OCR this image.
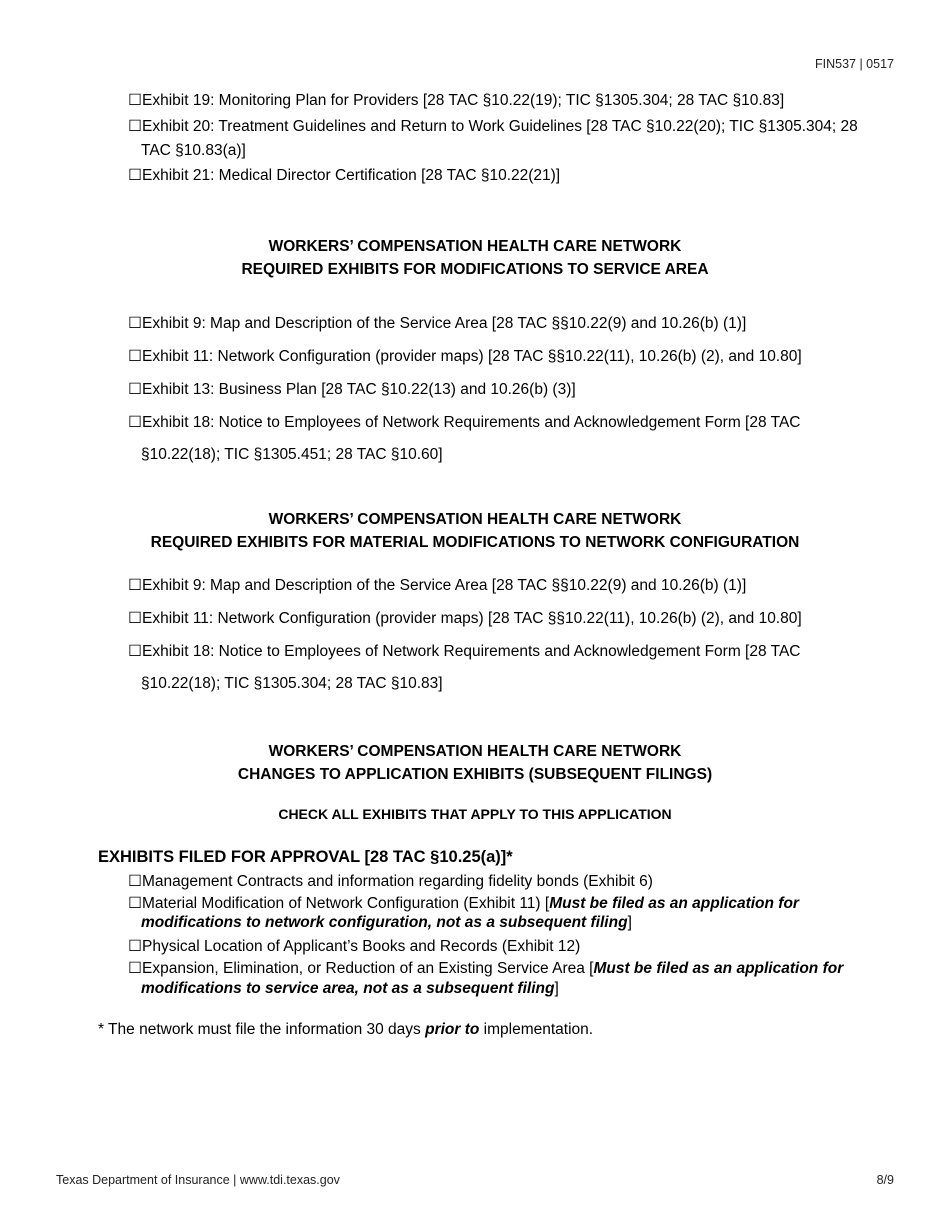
FIN537 | 0517
☐Exhibit 19: Monitoring Plan for Providers [28 TAC §10.22(19); TIC §1305.304; 28 TAC §10.83]
☐Exhibit 20: Treatment Guidelines and Return to Work Guidelines [28 TAC §10.22(20); TIC §1305.304; 28
TAC §10.83(a)]
☐Exhibit 21: Medical Director Certification [28 TAC §10.22(21)]
WORKERS’ COMPENSATION HEALTH CARE NETWORK
REQUIRED EXHIBITS FOR MODIFICATIONS TO SERVICE AREA
☐Exhibit 9: Map and Description of the Service Area [28 TAC §§10.22(9) and 10.26(b) (1)]
☐Exhibit 11: Network Configuration (provider maps) [28 TAC §§10.22(11), 10.26(b) (2), and 10.80]
☐Exhibit 13: Business Plan [28 TAC §10.22(13) and 10.26(b) (3)]
☐Exhibit 18: Notice to Employees of Network Requirements and Acknowledgement Form [28 TAC
§10.22(18); TIC §1305.451; 28 TAC §10.60]
WORKERS’ COMPENSATION HEALTH CARE NETWORK
REQUIRED EXHIBITS FOR MATERIAL MODIFICATIONS TO NETWORK CONFIGURATION
☐Exhibit 9: Map and Description of the Service Area [28 TAC §§10.22(9) and 10.26(b) (1)]
☐Exhibit 11: Network Configuration (provider maps) [28 TAC §§10.22(11), 10.26(b) (2), and 10.80]
☐Exhibit 18: Notice to Employees of Network Requirements and Acknowledgement Form [28 TAC
§10.22(18); TIC §1305.304; 28 TAC §10.83]
WORKERS’ COMPENSATION HEALTH CARE NETWORK
CHANGES TO APPLICATION EXHIBITS (SUBSEQUENT FILINGS)
CHECK ALL EXHIBITS THAT APPLY TO THIS APPLICATION
EXHIBITS FILED FOR APPROVAL [28 TAC §10.25(a)]*
☐Management Contracts and information regarding fidelity bonds (Exhibit 6)
☐Material Modification of Network Configuration (Exhibit 11) [Must be filed as an application for
modifications to network configuration, not as a subsequent filing]
☐Physical Location of Applicant’s Books and Records (Exhibit 12)
☐Expansion, Elimination, or Reduction of an Existing Service Area [Must be filed as an application for
modifications to service area, not as a subsequent filing]
* The network must file the information 30 days prior to implementation.
Texas Department of Insurance | www.tdi.texas.gov	8/9
